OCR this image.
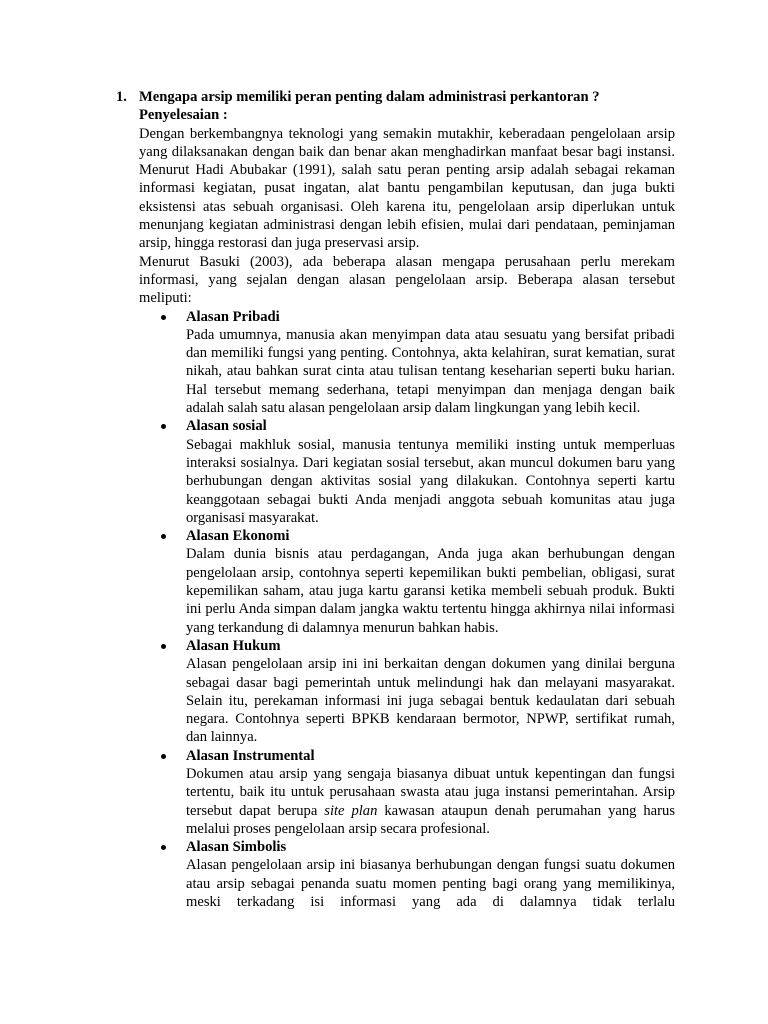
1. Mengapa arsip memiliki peran penting dalam administrasi perkantoran ?

Penyelesaian :

Dengan berkembangnya teknologi yang semakin mutakhir, keberadaan pengelolaan arsip yang dilaksanakan dengan baik dan benar akan menghadirkan manfaat besar bagi instansi. Menurut Hadi Abubakar (1991), salah satu peran penting arsip adalah sebagai rekaman informasi kegiatan, pusat ingatan, alat bantu pengambilan keputusan, dan juga bukti eksistensi atas sebuah organisasi. Oleh karena itu, pengelolaan arsip diperlukan untuk menunjang kegiatan administrasi dengan lebih efisien, mulai dari pendataan, peminjaman arsip, hingga restorasi dan juga preservasi arsip.

Menurut Basuki (2003), ada beberapa alasan mengapa perusahaan perlu merekam informasi, yang sejalan dengan alasan pengelolaan arsip. Beberapa alasan tersebut meliputi:

Alasan Pribadi

Pada umumnya, manusia akan menyimpan data atau sesuatu yang bersifat pribadi dan memiliki fungsi yang penting. Contohnya, akta kelahiran, surat kematian, surat nikah, atau bahkan surat cinta atau tulisan tentang keseharian seperti buku harian. Hal tersebut memang sederhana, tetapi menyimpan dan menjaga dengan baik adalah salah satu alasan pengelolaan arsip dalam lingkungan yang lebih kecil.

Alasan sosial

Sebagai makhluk sosial, manusia tentunya memiliki insting untuk memperluas interaksi sosialnya. Dari kegiatan sosial tersebut, akan muncul dokumen baru yang berhubungan dengan aktivitas sosial yang dilakukan. Contohnya seperti kartu keanggotaan sebagai bukti Anda menjadi anggota sebuah komunitas atau juga organisasi masyarakat.

Alasan Ekonomi

Dalam dunia bisnis atau perdagangan, Anda juga akan berhubungan dengan pengelolaan arsip, contohnya seperti kepemilikan bukti pembelian, obligasi, surat kepemilikan saham, atau juga kartu garansi ketika membeli sebuah produk. Bukti ini perlu Anda simpan dalam jangka waktu tertentu hingga akhirnya nilai informasi yang terkandung di dalamnya menurun bahkan habis.

Alasan Hukum

Alasan pengelolaan arsip ini ini berkaitan dengan dokumen yang dinilai berguna sebagai dasar bagi pemerintah untuk melindungi hak dan melayani masyarakat. Selain itu, perekaman informasi ini juga sebagai bentuk kedaulatan dari sebuah negara. Contohnya seperti BPKB kendaraan bermotor, NPWP, sertifikat rumah, dan lainnya.

Alasan Instrumental

Dokumen atau arsip yang sengaja biasanya dibuat untuk kepentingan dan fungsi tertentu, baik itu untuk perusahaan swasta atau juga instansi pemerintahan. Arsip tersebut dapat berupa site plan kawasan ataupun denah perumahan yang harus melalui proses pengelolaan arsip secara profesional.

Alasan Simbolis

Alasan pengelolaan arsip ini biasanya berhubungan dengan fungsi suatu dokumen atau arsip sebagai penanda suatu momen penting bagi orang yang memilikinya, meski terkadang isi informasi yang ada di dalamnya tidak terlalu
